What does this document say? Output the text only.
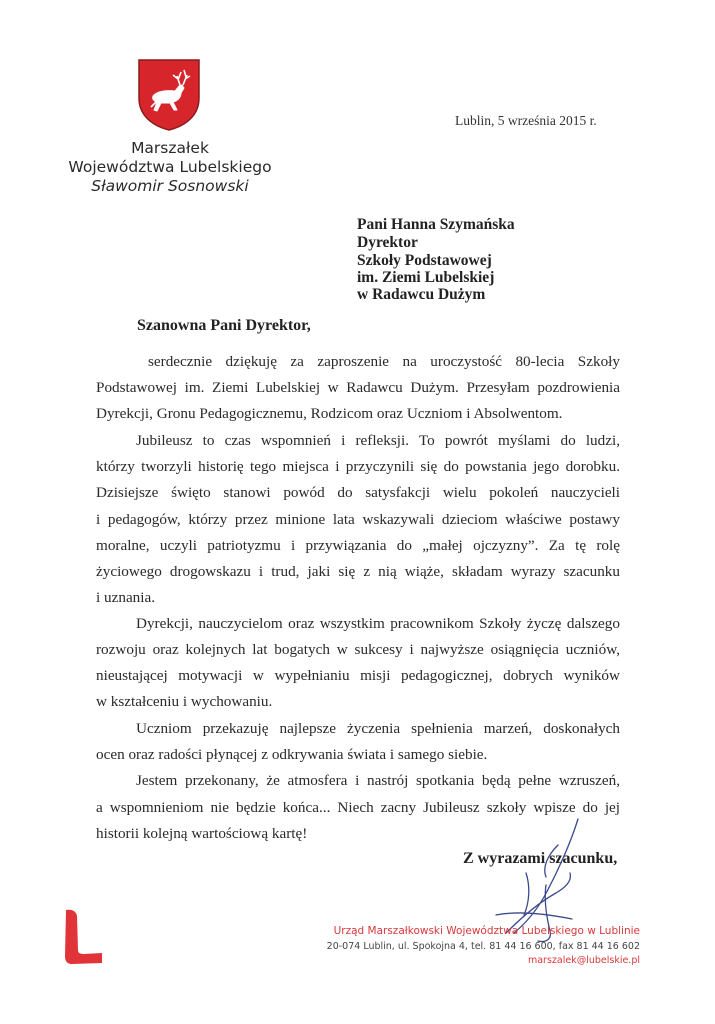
Marszałek
Województwa Lubelskiego
Sławomir Sosnowski
Lublin, 5 września 2015 r.
Pani Hanna Szymańska
Dyrektor
Szkoły Podstawowej
im. Ziemi Lubelskiej
w Radawcu Dużym
Szanowna Pani Dyrektor,
serdecznie dziękuję za zaproszenie na uroczystość 80-lecia Szkoły
Podstawowej im. Ziemi Lubelskiej w Radawcu Dużym. Przesyłam pozdrowienia
Dyrekcji, Gronu Pedagogicznemu, Rodzicom oraz Uczniom i Absolwentom.
Jubileusz to czas wspomnień i refleksji. To powrót myślami do ludzi,
którzy tworzyli historię tego miejsca i przyczynili się do powstania jego dorobku.
Dzisiejsze święto stanowi powód do satysfakcji wielu pokoleń nauczycieli
i pedagogów, którzy przez minione lata wskazywali dzieciom właściwe postawy
moralne, uczyli patriotyzmu i przywiązania do „małej ojczyzny”. Za tę rolę
życiowego drogowskazu i trud, jaki się z nią wiąże, składam wyrazy szacunku
i uznania.
Dyrekcji, nauczycielom oraz wszystkim pracownikom Szkoły życzę dalszego
rozwoju oraz kolejnych lat bogatych w sukcesy i najwyższe osiągnięcia uczniów,
nieustającej motywacji w wypełnianiu misji pedagogicznej, dobrych wyników
w kształceniu i wychowaniu.
Uczniom przekazuję najlepsze życzenia spełnienia marzeń, doskonałych
ocen oraz radości płynącej z odkrywania świata i samego siebie.
Jestem przekonany, że atmosfera i nastrój spotkania będą pełne wzruszeń,
a wspomnieniom nie będzie końca... Niech zacny Jubileusz szkoły wpisze do jej
historii kolejną wartościową kartę!
Z wyrazami szacunku,
Urząd Marszałkowski Województwa Lubelskiego w Lublinie
20-074 Lublin, ul. Spokojna 4, tel. 81 44 16 600, fax 81 44 16 602
marszalek@lubelskie.pl
